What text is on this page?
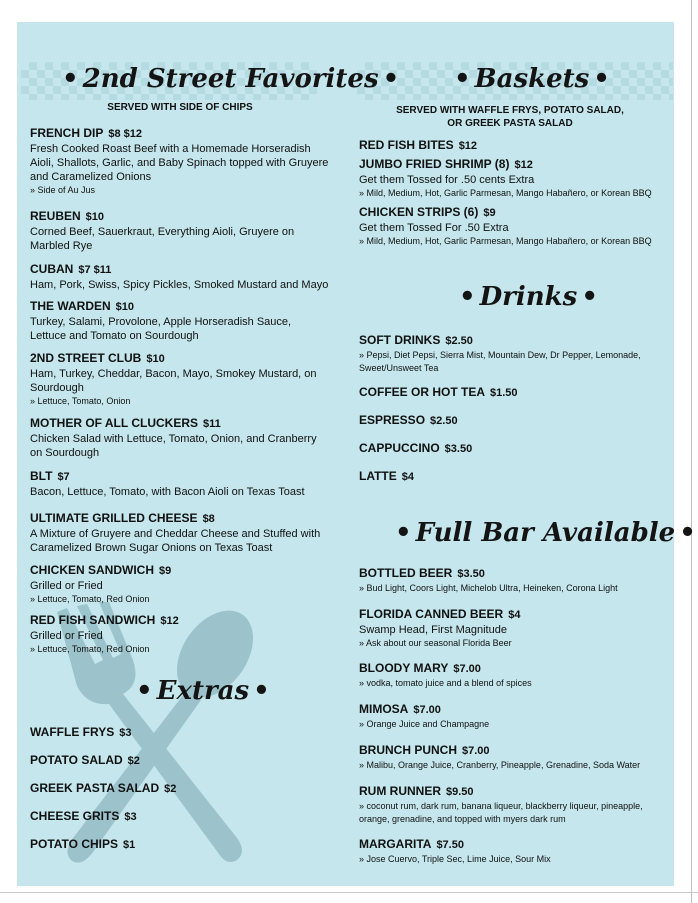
• 2nd Street Favorites •
SERVED WITH SIDE OF CHIPS
FRENCH DIP $8 $12
Fresh Cooked Roast Beef with a Homemade Horseradish Aioli, Shallots, Garlic, and Baby Spinach topped with Gruyere and Caramelized Onions
» Side of Au Jus
REUBEN $10
Corned Beef, Sauerkraut, Everything Aioli, Gruyere on Marbled Rye
CUBAN $7 $11
Ham, Pork, Swiss, Spicy Pickles, Smoked Mustard and Mayo
THE WARDEN $10
Turkey, Salami, Provolone, Apple Horseradish Sauce, Lettuce and Tomato on Sourdough
2ND STREET CLUB $10
Ham, Turkey, Cheddar, Bacon, Mayo, Smokey Mustard, on Sourdough
» Lettuce, Tomato, Onion
MOTHER OF ALL CLUCKERS $11
Chicken Salad with Lettuce, Tomato, Onion, and Cranberry on Sourdough
BLT $7
Bacon, Lettuce, Tomato, with Bacon Aioli on Texas Toast
ULTIMATE GRILLED CHEESE $8
A Mixture of Gruyere and Cheddar Cheese and Stuffed with Caramelized Brown Sugar Onions on Texas Toast
CHICKEN SANDWICH $9
Grilled or Fried
» Lettuce, Tomato, Red Onion
RED FISH SANDWICH $12
Grilled or Fried
» Lettuce, Tomato, Red Onion
• Extras •
WAFFLE FRYS $3
POTATO SALAD $2
GREEK PASTA SALAD $2
CHEESE GRITS $3
POTATO CHIPS $1
• Baskets •
SERVED WITH WAFFLE FRYS, POTATO SALAD,
OR GREEK PASTA SALAD
RED FISH BITES $12
JUMBO FRIED SHRIMP (8) $12
Get them Tossed for .50 cents Extra
» Mild, Medium, Hot, Garlic Parmesan, Mango Habañero, or Korean BBQ
CHICKEN STRIPS (6) $9
Get them Tossed For .50 Extra
» Mild, Medium, Hot, Garlic Parmesan, Mango Habañero, or Korean BBQ
• Drinks •
SOFT DRINKS $2.50
» Pepsi, Diet Pepsi, Sierra Mist, Mountain Dew, Dr Pepper, Lemonade, Sweet/Unsweet Tea
COFFEE OR HOT TEA $1.50
ESPRESSO $2.50
CAPPUCCINO $3.50
LATTE $4
• Full Bar Available •
BOTTLED BEER $3.50
» Bud Light, Coors Light, Michelob Ultra, Heineken, Corona Light
FLORIDA CANNED BEER $4
Swamp Head, First Magnitude
» Ask about our seasonal Florida Beer
BLOODY MARY $7.00
» vodka, tomato juice and a blend of spices
MIMOSA $7.00
» Orange Juice and Champagne
BRUNCH PUNCH $7.00
» Malibu, Orange Juice, Cranberry, Pineapple, Grenadine, Soda Water
RUM RUNNER $9.50
» coconut rum, dark rum, banana liqueur, blackberry liqueur, pineapple, orange, grenadine, and topped with myers dark rum
MARGARITA $7.50
» Jose Cuervo, Triple Sec, Lime Juice, Sour Mix
